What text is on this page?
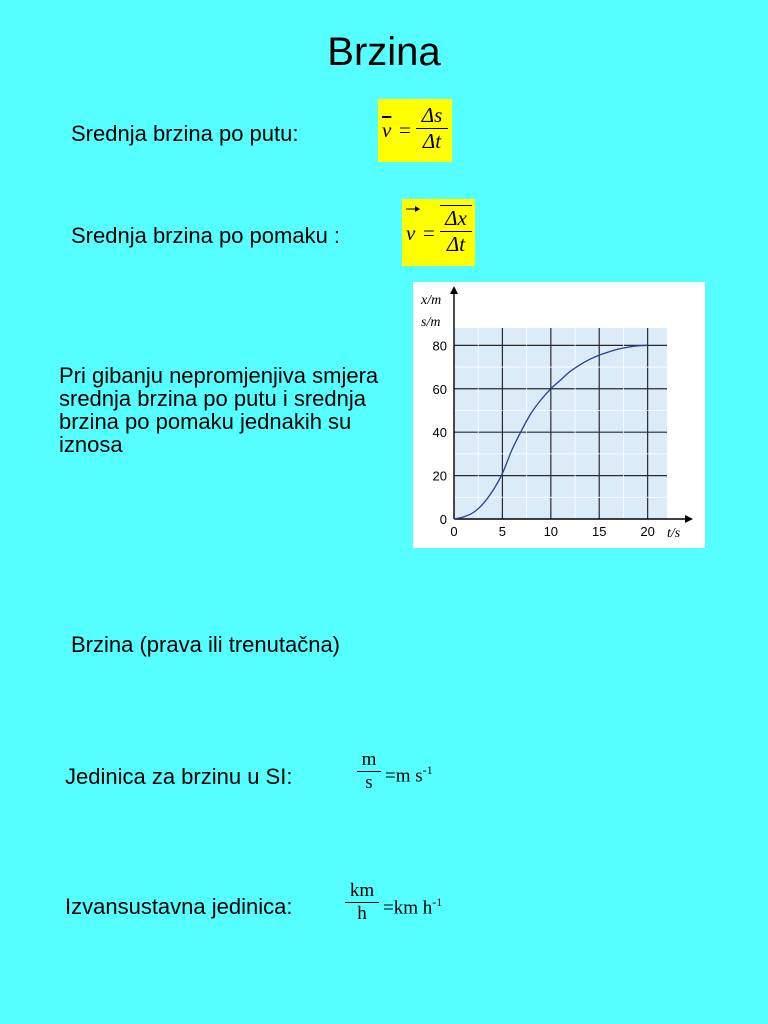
Brzina
Srednja brzina po putu:	$\overline{v}$ =
Δs
Δt
Srednja brzina po pomaku :	v =
Δx
Δt
Pri gibanju nepromjenjiva smjera srednja brzina po putu i srednja brzina po pomaku jednakih su iznosa
0	5	10	15	20
0
20
40
60
80
x/m
s/m
t/s
Brzina (prava ili trenutačna)
Jedinica za brzinu u SI:
m
s =m $s^{-1}$
Izvansustavna jedinica:
km
h =km $h^{-1}$
